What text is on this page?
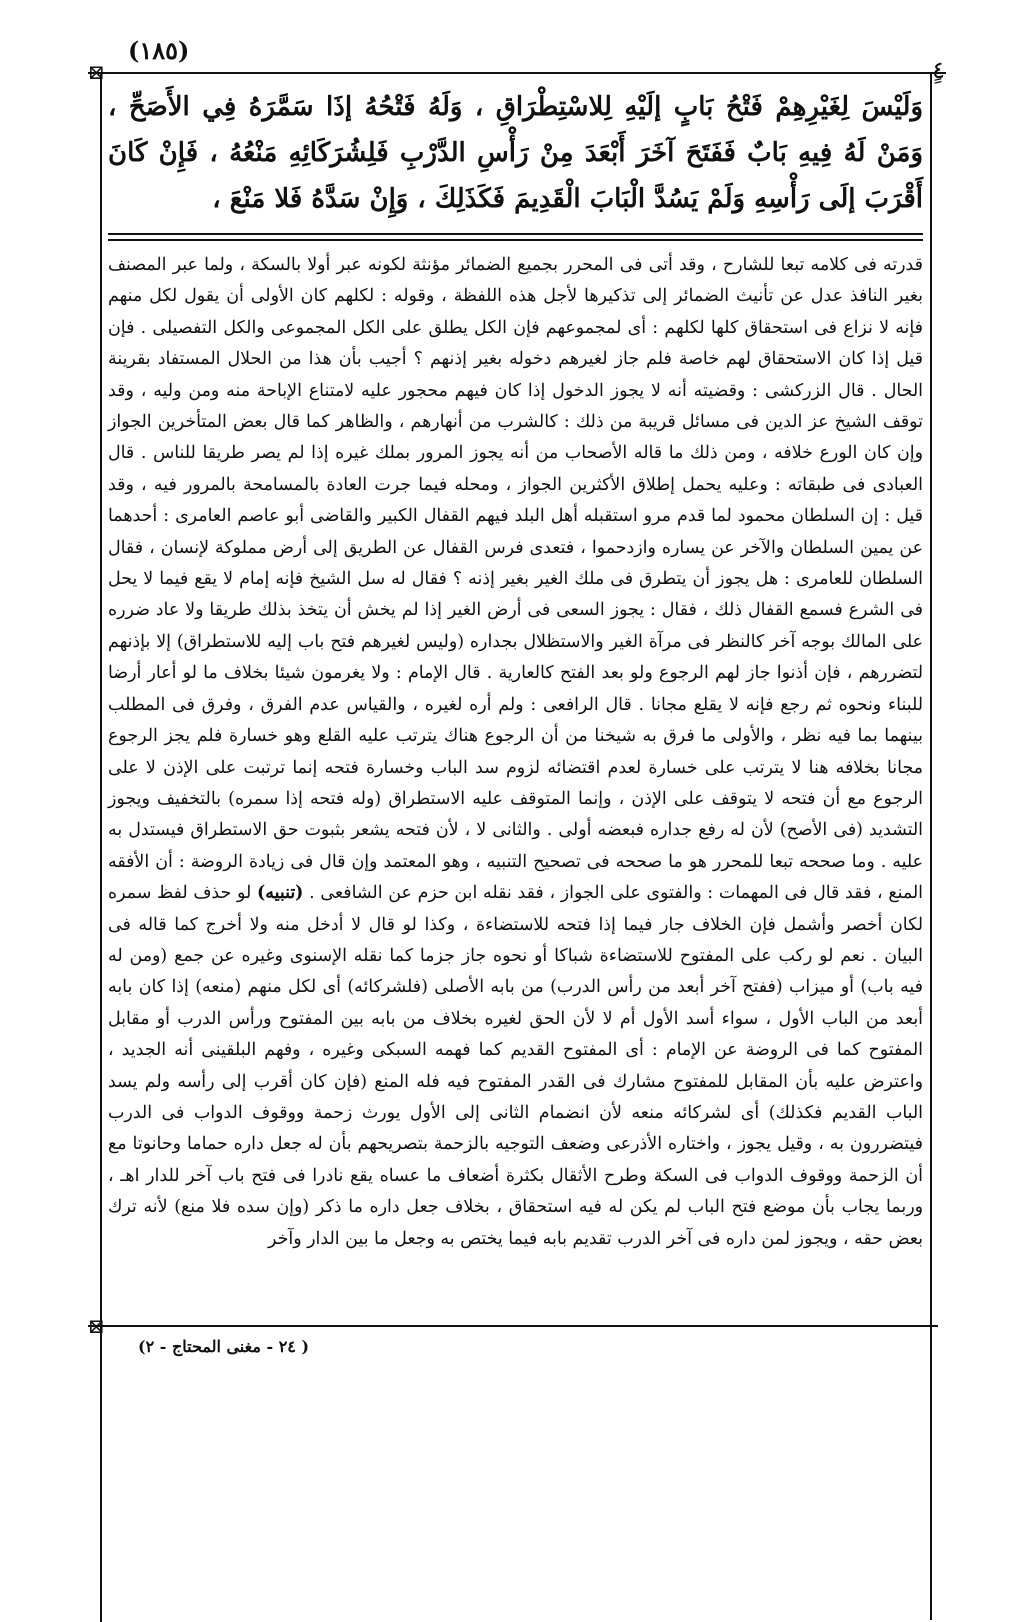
⊠	ٍ٤
⊠
(١٨٥)
وَلَيْسَ لِغَيْرِهِمْ فَتْحُ بَابٍ إلَيْهِ لِلاسْتِطْرَاقِ ، وَلَهُ فَتْحُهُ إذَا سَمَّرَهُ فِي الأَصَحِّ ، وَمَنْ لَهُ فِيهِ بَابٌ فَفَتَحَ آخَرَ أَبْعَدَ مِنْ رَأْسِ الدَّرْبِ فَلِشُرَكَائِهِ مَنْعُهُ ، فَإِنْ كَانَ أَقْرَبَ إلَى رَأْسِهِ وَلَمْ يَسُدَّ الْبَابَ الْقَدِيمَ فَكَذَلِكَ ، وَإِنْ سَدَّهُ فَلا مَنْعَ ،
قدرته فى كلامه تبعا للشارح ، وقد أتى فى المحرر بجميع الضمائر مؤنثة لكونه عبر أولا بالسكة ، ولما عبر المصنف بغير النافذ عدل عن تأنيث الضمائر إلى تذكيرها لأجل هذه اللفظة ، وقوله : لكلهم كان الأولى أن يقول لكل منهم فإنه لا نزاع فى استحقاق كلها لكلهم : أى لمجموعهم فإن الكل يطلق على الكل المجموعى والكل التفصيلى . فإن قيل إذا كان الاستحقاق لهم خاصة فلم جاز لغيرهم دخوله بغير إذنهم ؟ أجيب بأن هذا من الحلال المستفاد بقرينة الحال . قال الزركشى : وقضيته أنه لا يجوز الدخول إذا كان فيهم محجور عليه لامتناع الإباحة منه ومن وليه ، وقد توقف الشيخ عز الدين فى مسائل قريبة من ذلك : كالشرب من أنهارهم ، والظاهر كما قال بعض المتأخرين الجواز وإن كان الورع خلافه ، ومن ذلك ما قاله الأصحاب من أنه يجوز المرور بملك غيره إذا لم يصر طريقا للناس . قال العبادى فى طبقاته : وعليه يحمل إطلاق الأكثرين الجواز ، ومحله فيما جرت العادة بالمسامحة بالمرور فيه ، وقد قيل : إن السلطان محمود لما قدم مرو استقبله أهل البلد فيهم القفال الكبير والقاضى أبو عاصم العامرى : أحدهما عن يمين السلطان والآخر عن يساره وازدحموا ، فتعدى فرس القفال عن الطريق إلى أرض مملوكة لإنسان ، فقال السلطان للعامرى : هل يجوز أن يتطرق فى ملك الغير بغير إذنه ؟ فقال له سل الشيخ فإنه إمام لا يقع فيما لا يحل فى الشرع فسمع القفال ذلك ، فقال : يجوز السعى فى أرض الغير إذا لم يخش أن يتخذ بذلك طريقا ولا عاد ضرره على المالك بوجه آخر كالنظر فى مرآة الغير والاستظلال بجداره (وليس لغيرهم فتح باب إليه للاستطراق) إلا بإذنهم لتضررهم ، فإن أذنوا جاز لهم الرجوع ولو بعد الفتح كالعارية . قال الإمام : ولا يغرمون شيئا بخلاف ما لو أعار أرضا للبناء ونحوه ثم رجع فإنه لا يقلع مجانا . قال الرافعى : ولم أره لغيره ، والقياس عدم الفرق ، وفرق فى المطلب بينهما بما فيه نظر ، والأولى ما فرق به شيخنا من أن الرجوع هناك يترتب عليه القلع وهو خسارة فلم يجز الرجوع مجانا بخلافه هنا لا يترتب على خسارة لعدم اقتضائه لزوم سد الباب وخسارة فتحه إنما ترتبت على الإذن لا على الرجوع مع أن فتحه لا يتوقف على الإذن ، وإنما المتوقف عليه الاستطراق (وله فتحه إذا سمره) بالتخفيف ويجوز التشديد (فى الأصح) لأن له رفع جداره فبعضه أولى . والثانى لا ، لأن فتحه يشعر بثبوت حق الاستطراق فيستدل به عليه . وما صححه تبعا للمحرر هو ما صححه فى تصحيح التنبيه ، وهو المعتمد وإن قال فى زيادة الروضة : أن الأفقه المنع ، فقد قال فى المهمات : والفتوى على الجواز ، فقد نقله ابن حزم عن الشافعى . (تنبيه) لو حذف لفظ سمره لكان أخصر وأشمل فإن الخلاف جار فيما إذا فتحه للاستضاءة ، وكذا لو قال لا أدخل منه ولا أخرج كما قاله فى البيان . نعم لو ركب على المفتوح للاستضاءة شباكا أو نحوه جاز جزما كما نقله الإسنوى وغيره عن جمع (ومن له فيه باب) أو ميزاب (ففتح آخر أبعد من رأس الدرب) من بابه الأصلى (فلشركائه) أى لكل منهم (منعه) إذا كان بابه أبعد من الباب الأول ، سواء أسد الأول أم لا لأن الحق لغيره بخلاف من بابه بين المفتوح ورأس الدرب أو مقابل المفتوح كما فى الروضة عن الإمام : أى المفتوح القديم كما فهمه السبكى وغيره ، وفهم البلقينى أنه الجديد ، واعترض عليه بأن المقابل للمفتوح مشارك فى القدر المفتوح فيه فله المنع (فإن كان أقرب إلى رأسه ولم يسد الباب القديم فكذلك) أى لشركائه منعه لأن انضمام الثانى إلى الأول يورث زحمة ووقوف الدواب فى الدرب فيتضررون به ، وقيل يجوز ، واختاره الأذرعى وضعف التوجيه بالزحمة بتصريحهم بأن له جعل داره حماما وحانوتا مع أن الزحمة ووقوف الدواب فى السكة وطرح الأثقال بكثرة أضعاف ما عساه يقع نادرا فى فتح باب آخر للدار اهـ ، وربما يجاب بأن موضع فتح الباب لم يكن له فيه استحقاق ، بخلاف جعل داره ما ذكر (وإن سده فلا منع) لأنه ترك بعض حقه ، ويجوز لمن داره فى آخر الدرب تقديم بابه فيما يختص به وجعل ما بين الدار وآخر
( ٢٤ - مغنى المحتاج - ٢)
